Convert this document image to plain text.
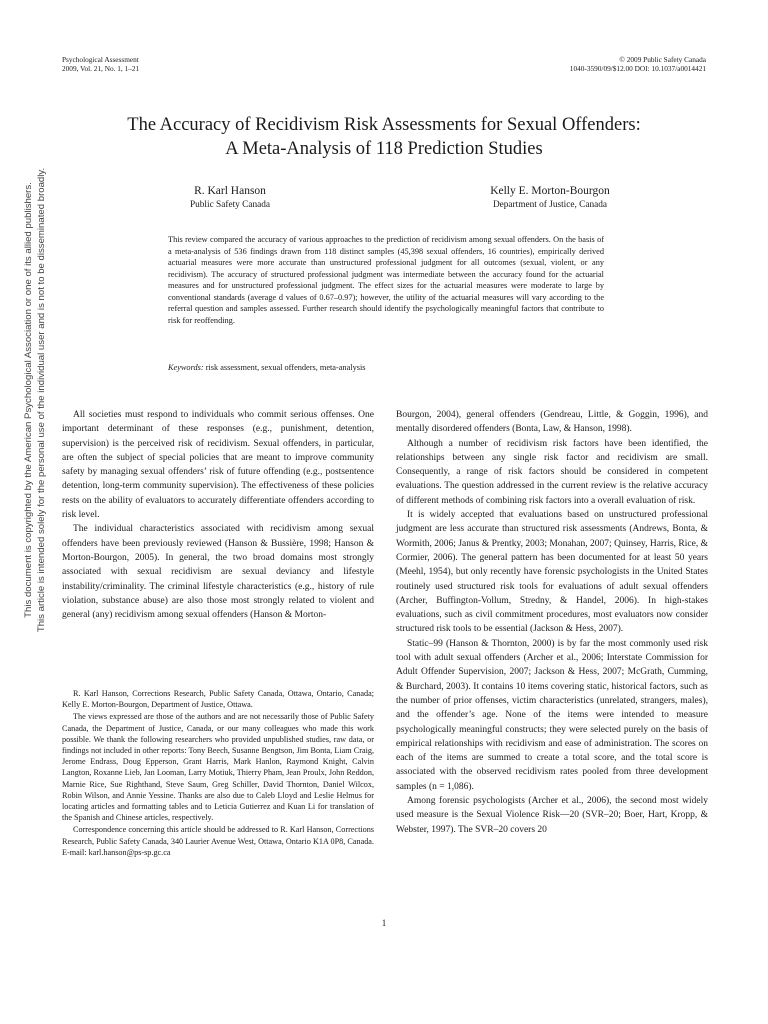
Psychological Assessment
2009, Vol. 21, No. 1, 1–21
© 2009 Public Safety Canada
1040-3590/09/$12.00 DOI: 10.1037/a0014421
The Accuracy of Recidivism Risk Assessments for Sexual Offenders:
A Meta-Analysis of 118 Prediction Studies
R. Karl Hanson
Public Safety Canada
Kelly E. Morton-Bourgon
Department of Justice, Canada

This review compared the accuracy of various approaches to the prediction of recidivism among sexual offenders. On the basis of a meta-analysis of 536 findings drawn from 118 distinct samples (45,398 sexual offenders, 16 countries), empirically derived actuarial measures were more accurate than unstructured professional judgment for all outcomes (sexual, violent, or any recidivism). The accuracy of structured professional judgment was intermediate between the accuracy found for the actuarial measures and for unstructured professional judgment. The effect sizes for the actuarial measures were moderate to large by conventional standards (average d values of 0.67–0.97); however, the utility of the actuarial measures will vary according to the referral question and samples assessed. Further research should identify the psychologically meaningful factors that contribute to risk for reoffending.

Keywords: risk assessment, sexual offenders, meta-analysis

All societies must respond to individuals who commit serious offenses. One important determinant of these responses (e.g., punishment, detention, supervision) is the perceived risk of recidivism. Sexual offenders, in particular, are often the subject of special policies that are meant to improve community safety by managing sexual offenders’ risk of future offending (e.g., postsentence detention, long-term community supervision). The effectiveness of these policies rests on the ability of evaluators to accurately differentiate offenders according to risk level.

The individual characteristics associated with recidivism among sexual offenders have been previously reviewed (Hanson & Bussière, 1998; Hanson & Morton-Bourgon, 2005). In general, the two broad domains most strongly associated with sexual recidivism are sexual deviancy and lifestyle instability/criminality. The criminal lifestyle characteristics (e.g., history of rule violation, substance abuse) are also those most strongly related to violent and general (any) recidivism among sexual offenders (Hanson & Morton-

R. Karl Hanson, Corrections Research, Public Safety Canada, Ottawa, Ontario, Canada; Kelly E. Morton-Bourgon, Department of Justice, Ottawa.

The views expressed are those of the authors and are not necessarily those of Public Safety Canada, the Department of Justice, Canada, or our many colleagues who made this work possible. We thank the following researchers who provided unpublished studies, raw data, or findings not included in other reports: Tony Beech, Susanne Bengtson, Jim Bonta, Liam Craig, Jerome Endrass, Doug Epperson, Grant Harris, Mark Hanlon, Raymond Knight, Calvin Langton, Roxanne Lieb, Jan Looman, Larry Motiuk, Thierry Pham, Jean Proulx, John Reddon, Marnie Rice, Sue Righthand, Steve Saum, Greg Schiller, David Thornton, Daniel Wilcox, Robin Wilson, and Annie Yessine. Thanks are also due to Caleb Lloyd and Leslie Helmus for locating articles and formatting tables and to Leticia Gutierrez and Kuan Li for translation of the Spanish and Chinese articles, respectively.

Correspondence concerning this article should be addressed to R. Karl Hanson, Corrections Research, Public Safety Canada, 340 Laurier Avenue West, Ottawa, Ontario K1A 0P8, Canada. E-mail: karl.hanson@ps-sp.gc.ca

Bourgon, 2004), general offenders (Gendreau, Little, & Goggin, 1996), and mentally disordered offenders (Bonta, Law, & Hanson, 1998).

Although a number of recidivism risk factors have been identified, the relationships between any single risk factor and recidivism are small. Consequently, a range of risk factors should be considered in competent evaluations. The question addressed in the current review is the relative accuracy of different methods of combining risk factors into a overall evaluation of risk.

It is widely accepted that evaluations based on unstructured professional judgment are less accurate than structured risk assessments (Andrews, Bonta, & Wormith, 2006; Janus & Prentky, 2003; Monahan, 2007; Quinsey, Harris, Rice, & Cormier, 2006). The general pattern has been documented for at least 50 years (Meehl, 1954), but only recently have forensic psychologists in the United States routinely used structured risk tools for evaluations of adult sexual offenders (Archer, Buffington-Vollum, Stredny, & Handel, 2006). In high-stakes evaluations, such as civil commitment procedures, most evaluators now consider structured risk tools to be essential (Jackson & Hess, 2007).

Static–99 (Hanson & Thornton, 2000) is by far the most commonly used risk tool with adult sexual offenders (Archer et al., 2006; Interstate Commission for Adult Offender Supervision, 2007; Jackson & Hess, 2007; McGrath, Cumming, & Burchard, 2003). It contains 10 items covering static, historical factors, such as the number of prior offenses, victim characteristics (unrelated, strangers, males), and the offender’s age. None of the items were intended to measure psychologically meaningful constructs; they were selected purely on the basis of empirical relationships with recidivism and ease of administration. The scores on each of the items are summed to create a total score, and the total score is associated with the observed recidivism rates pooled from three development samples (n = 1,086).

Among forensic psychologists (Archer et al., 2006), the second most widely used measure is the Sexual Violence Risk—20 (SVR–20; Boer, Hart, Kropp, & Webster, 1997). The SVR–20 covers 20

This document is copyrighted by the American Psychological Association or one of its allied publishers. This article is intended solely for the personal use of the individual user and is not to be disseminated broadly.
1
